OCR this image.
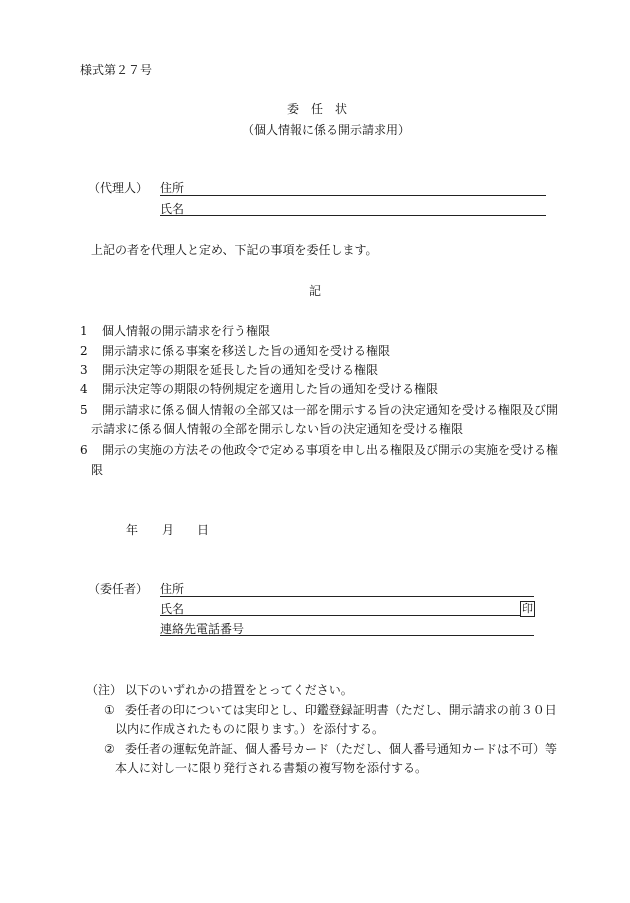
様式第２７号
委　任　状
（個人情報に係る開示請求用）
（代理人） 住所
氏名
上記の者を代理人と定め、下記の事項を委任します。
記
1 個人情報の開示請求を行う権限
2 開示請求に係る事案を移送した旨の通知を受ける権限
3 開示決定等の期限を延長した旨の通知を受ける権限
4 開示決定等の期限の特例規定を適用した旨の通知を受ける権限
5 開示請求に係る個人情報の全部又は一部を開示する旨の決定通知を受ける権限及び開
示請求に係る個人情報の全部を開示しない旨の決定通知を受ける権限
6 開示の実施の方法その他政令で定める事項を申し出る権限及び開示の実施を受ける権
限
年 月 日
（委任者） 住所
氏名	印
連絡先電話番号
（注） 以下のいずれかの措置をとってください。
① 委任者の印については実印とし、印鑑登録証明書（ただし、開示請求の前３０日
以内に作成されたものに限ります。）を添付する。
② 委任者の運転免許証、個人番号カード（ただし、個人番号通知カードは不可）等
本人に対し一に限り発行される書類の複写物を添付する。
